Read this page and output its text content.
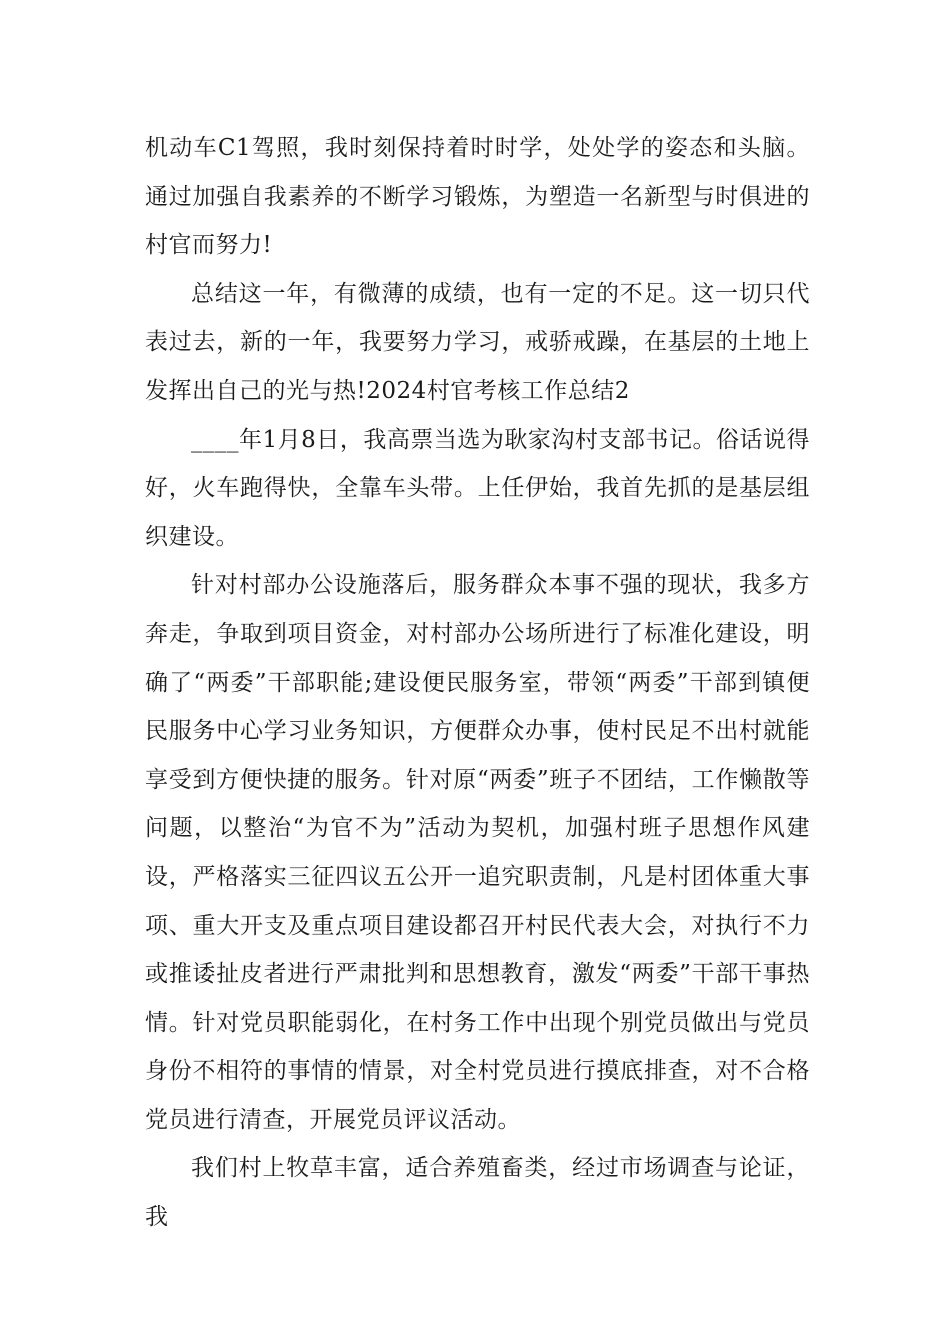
机动车C1驾照，我时刻保持着时时学，处处学的姿态和头脑。通过加强自我素养的不断学习锻炼，为塑造一名新型与时俱进的村官而努力!

总结这一年，有微薄的成绩，也有一定的不足。这一切只代表过去，新的一年，我要努力学习，戒骄戒躁，在基层的土地上发挥出自己的光与热!2024村官考核工作总结2

____年1月8日，我高票当选为耿家沟村支部书记。俗话说得好，火车跑得快，全靠车头带。上任伊始，我首先抓的是基层组织建设。

针对村部办公设施落后，服务群众本事不强的现状，我多方奔走，争取到项目资金，对村部办公场所进行了标准化建设，明确了“两委”干部职能;建设便民服务室，带领“两委”干部到镇便民服务中心学习业务知识，方便群众办事，使村民足不出村就能享受到方便快捷的服务。针对原“两委”班子不团结，工作懒散等问题，以整治“为官不为”活动为契机，加强村班子思想作风建设，严格落实三征四议五公开一追究职责制，凡是村团体重大事项、重大开支及重点项目建设都召开村民代表大会，对执行不力或推诿扯皮者进行严肃批判和思想教育，激发“两委”干部干事热情。针对党员职能弱化，在村务工作中出现个别党员做出与党员身份不相符的事情的情景，对全村党员进行摸底排查，对不合格党员进行清查，开展党员评议活动。

我们村上牧草丰富，适合养殖畜类，经过市场调查与论证，我
